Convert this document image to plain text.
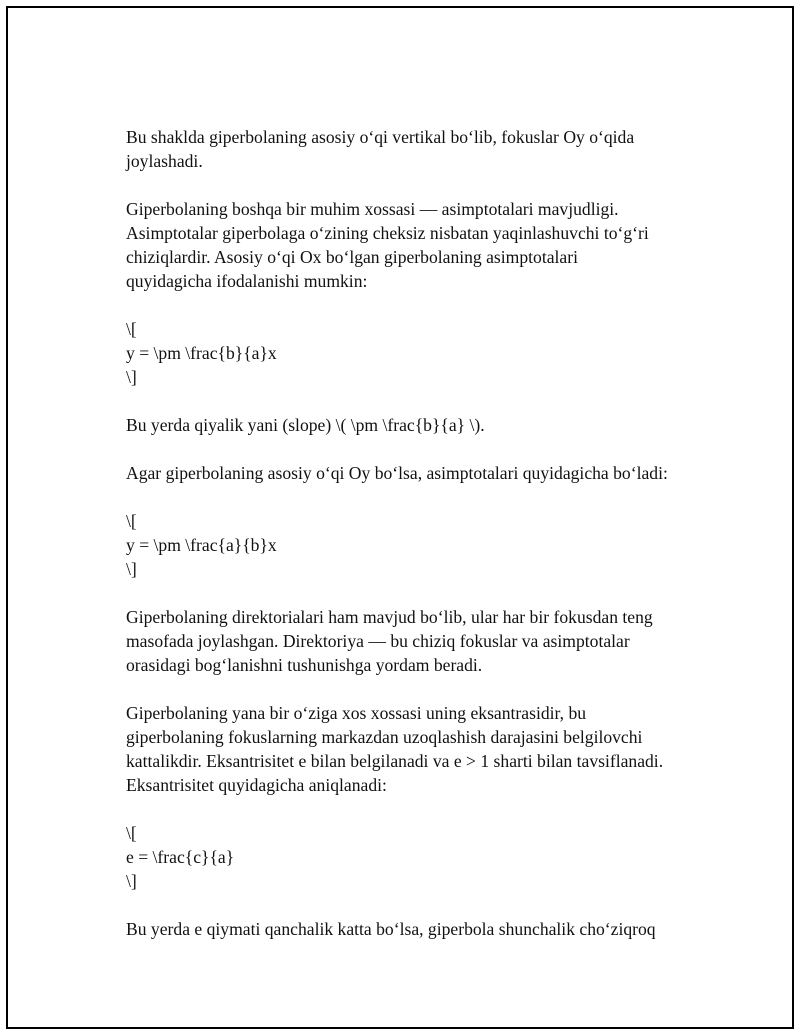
Bu shaklda giperbolaning asosiy o‘qi vertikal bo‘lib, fokuslar Oy o‘qida
joylashadi.

Giperbolaning boshqa bir muhim xossasi — asimptotalari mavjudligi.
Asimptotalar giperbolaga o‘zining cheksiz nisbatan yaqinlashuvchi to‘g‘ri
chiziqlardir. Asosiy o‘qi Ox bo‘lgan giperbolaning asimptotalari
quyidagicha ifodalanishi mumkin:

\[
y = \pm \frac{b}{a}x
\]

Bu yerda qiyalik yani (slope) \( \pm \frac{b}{a} \).

Agar giperbolaning asosiy o‘qi Oy bo‘lsa, asimptotalari quyidagicha bo‘ladi:

\[
y = \pm \frac{a}{b}x
\]

Giperbolaning direktorialari ham mavjud bo‘lib, ular har bir fokusdan teng
masofada joylashgan. Direktoriya — bu chiziq fokuslar va asimptotalar
orasidagi bog‘lanishni tushunishga yordam beradi.

Giperbolaning yana bir o‘ziga xos xossasi uning eksantrasidir, bu
giperbolaning fokuslarning markazdan uzoqlashish darajasini belgilovchi
kattalikdir. Eksantrisitet e bilan belgilanadi va e > 1 sharti bilan tavsiflanadi.
Eksantrisitet quyidagicha aniqlanadi:

\[
e = \frac{c}{a}
\]

Bu yerda e qiymati qanchalik katta bo‘lsa, giperbola shunchalik cho‘ziqroq
